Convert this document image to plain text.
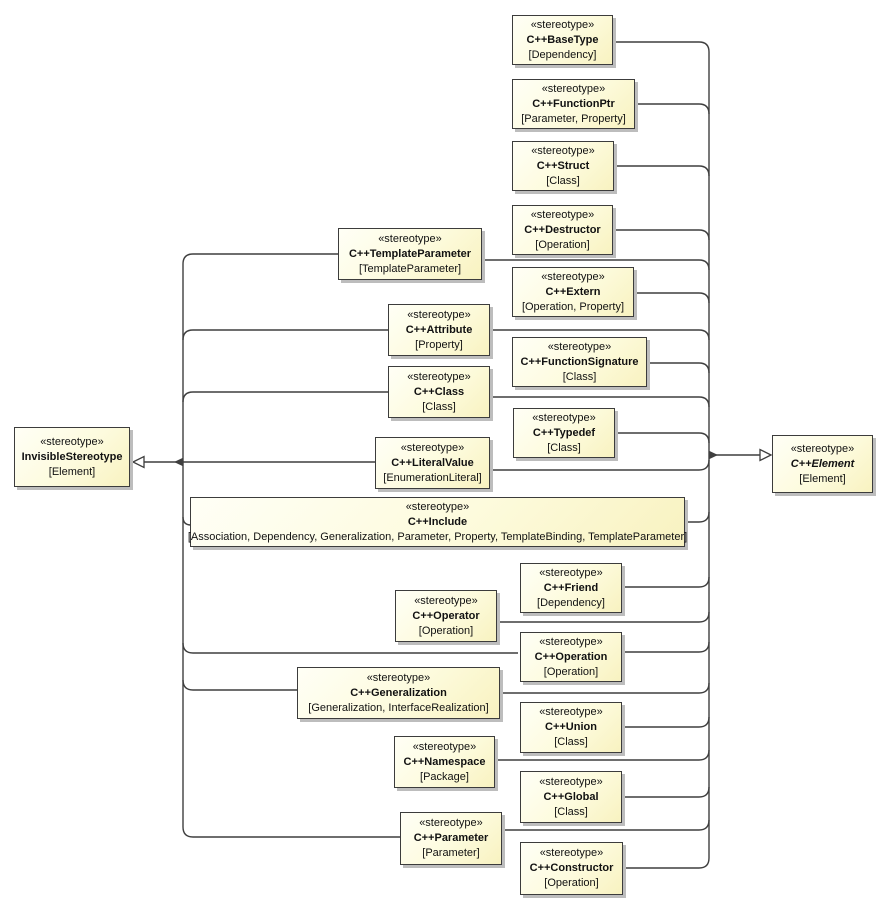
«stereotype»
InvisibleStereotype
[Element]
«stereotype»
C++Element
[Element]
«stereotype»
C++BaseType
[Dependency]
«stereotype»
C++FunctionPtr
[Parameter, Property]
«stereotype»
C++Struct
[Class]
«stereotype»
C++Destructor
[Operation]
«stereotype»
C++Extern
[Operation, Property]
«stereotype»
C++FunctionSignature
[Class]
«stereotype»
C++Typedef
[Class]
«stereotype»
C++Friend
[Dependency]
«stereotype»
C++Operation
[Operation]
«stereotype»
C++Union
[Class]
«stereotype»
C++Global
[Class]
«stereotype»
C++Constructor
[Operation]
«stereotype»
C++TemplateParameter
[TemplateParameter]
«stereotype»
C++Attribute
[Property]
«stereotype»
C++Class
[Class]
«stereotype»
C++LiteralValue
[EnumerationLiteral]
«stereotype»
C++Include
[Association, Dependency, Generalization, Parameter, Property, TemplateBinding, TemplateParameter]
«stereotype»
C++Operator
[Operation]
«stereotype»
C++Generalization
[Generalization, InterfaceRealization]
«stereotype»
C++Namespace
[Package]
«stereotype»
C++Parameter
[Parameter]
